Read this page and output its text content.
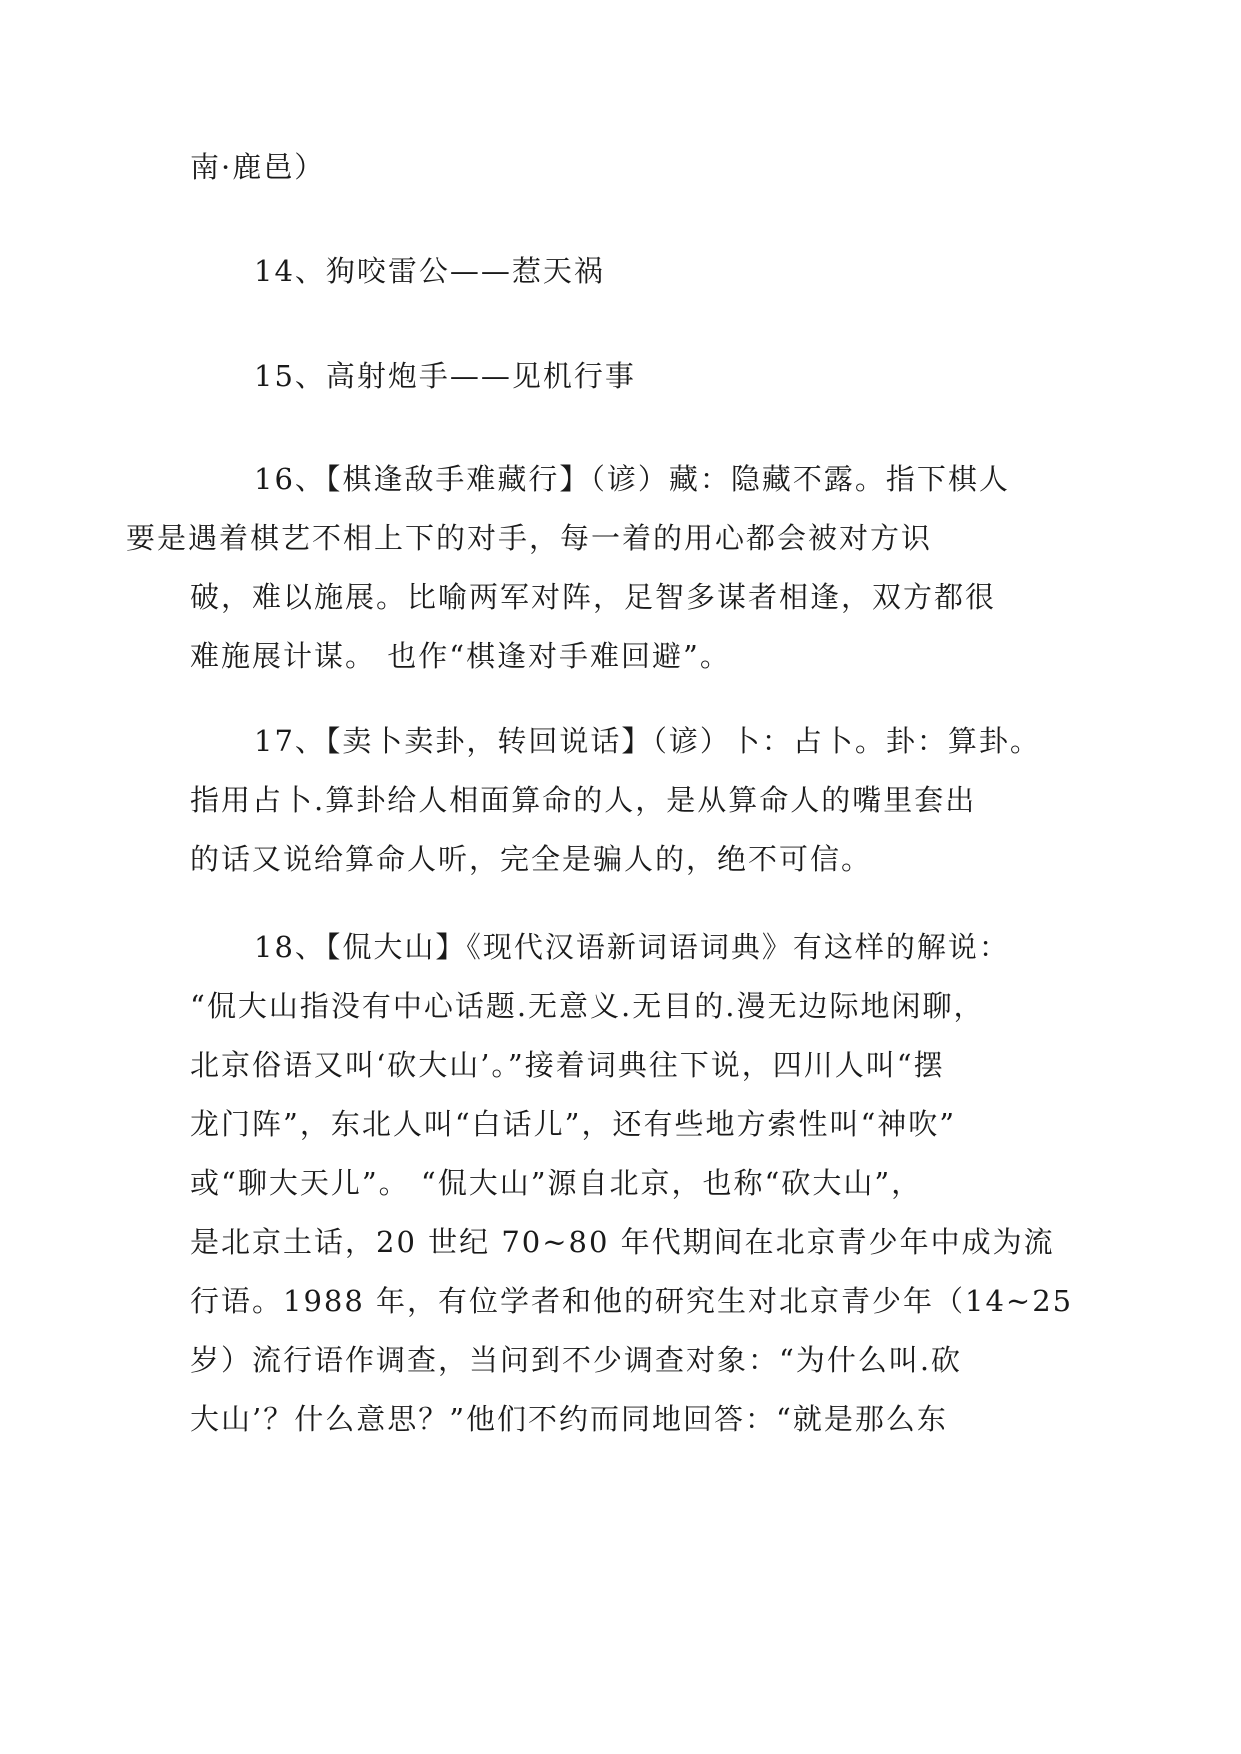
南·鹿邑）

14、狗咬雷公——惹天祸

15、高射炮手——见机行事

16、【棋逢敌手难藏行】（谚）藏：隐藏不露。指下棋人
要是遇着棋艺不相上下的对手，每一着的用心都会被对方识
破，难以施展。比喻两军对阵，足智多谋者相逢，双方都很
难施展计谋。 也作“棋逢对手难回避”。

17、【卖卜卖卦，转回说话】（谚）卜：占卜。卦：算卦。
指用占卜.算卦给人相面算命的人，是从算命人的嘴里套出
的话又说给算命人听，完全是骗人的，绝不可信。

18、【侃大山】《现代汉语新词语词典》有这样的解说：
“侃大山指没有中心话题.无意义.无目的.漫无边际地闲聊，
北京俗语又叫‘砍大山’。”接着词典往下说，四川人叫“摆
龙门阵”，东北人叫“白话儿”，还有些地方索性叫“神吹”
或“聊大天儿”。 “侃大山”源自北京，也称“砍大山”，
是北京土话，20 世纪 70~80 年代期间在北京青少年中成为流
行语。1988 年，有位学者和他的研究生对北京青少年（14~25
岁）流行语作调查，当问到不少调查对象：“为什么叫.砍
大山’？什么意思？”他们不约而同地回答：“就是那么东
